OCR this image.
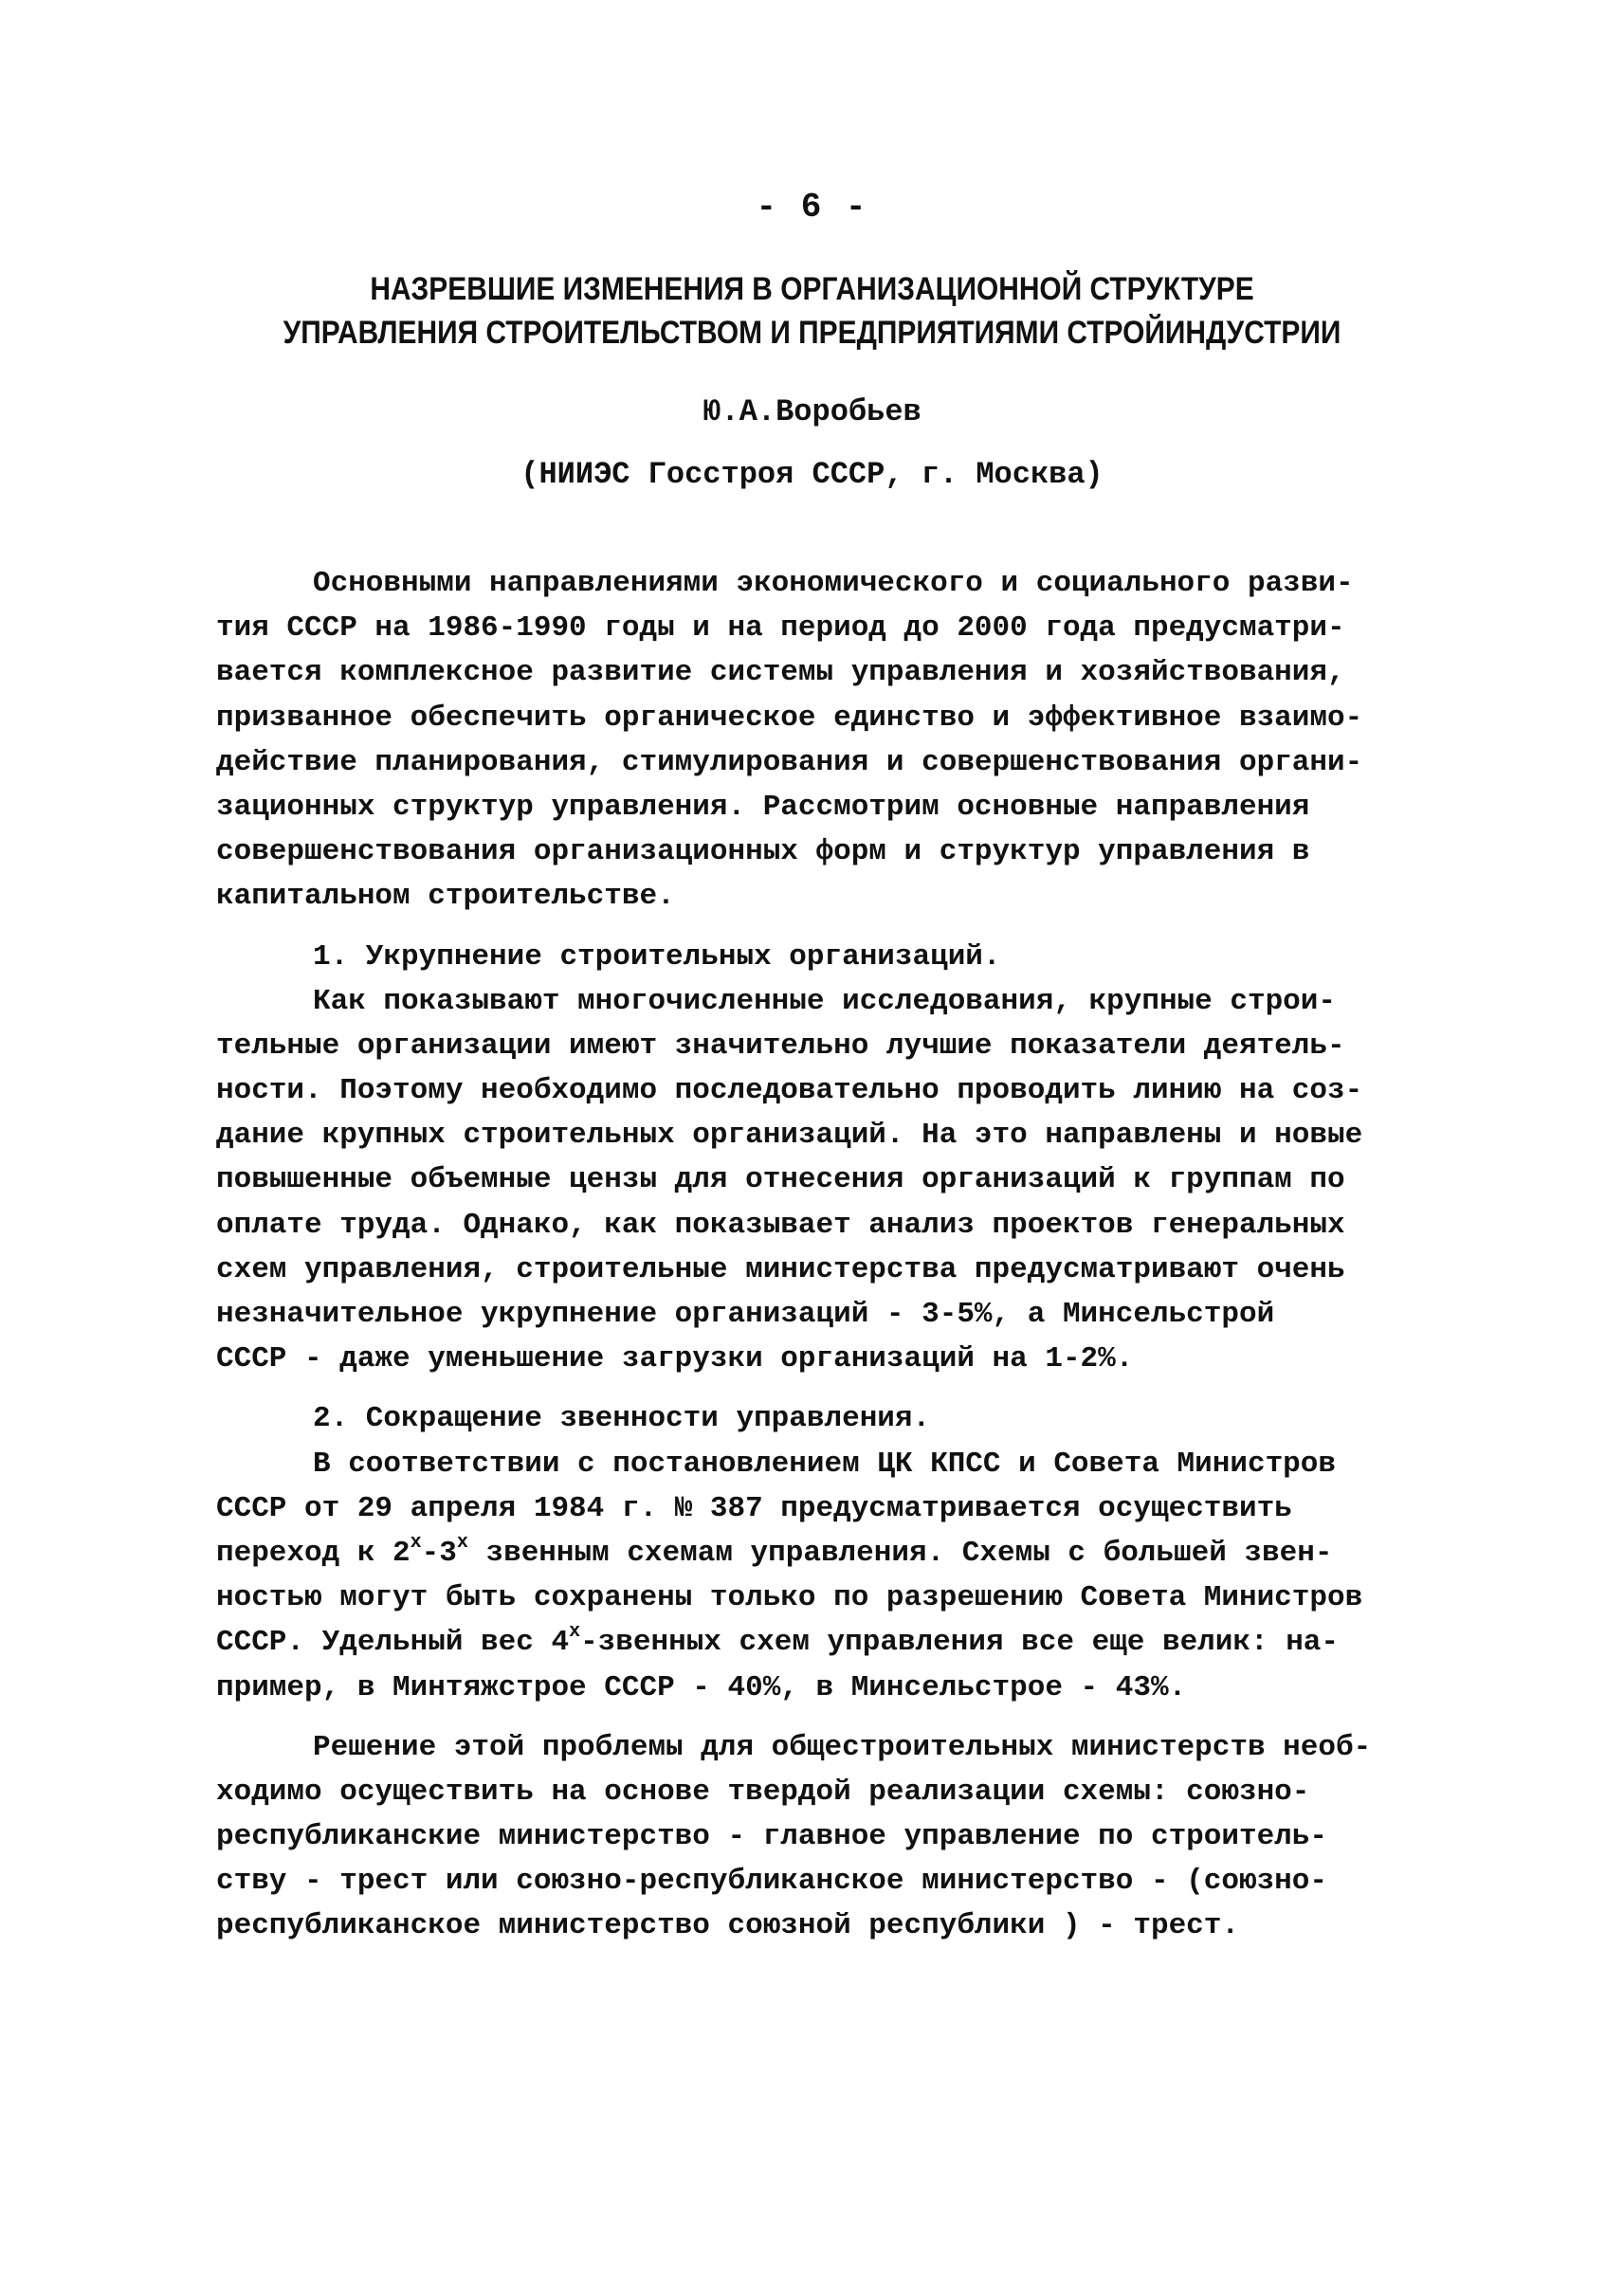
- 6 -
НАЗРЕВШИЕ ИЗМЕНЕНИЯ В ОРГАНИЗАЦИОННОЙ СТРУКТУРЕ
УПРАВЛЕНИЯ СТРОИТЕЛЬСТВОМ И ПРЕДПРИЯТИЯМИ СТРОЙИНДУСТРИИ
Ю.А.Воробьев
(НИИЭС Госстроя СССР, г. Москва)
Основными направлениями экономического и социального разви-
тия СССР на 1986-1990 годы и на период до 2000 года предусматри-
вается комплексное развитие системы управления и хозяйствования,
призванное обеспечить органическое единство и эффективное взаимо-
действие планирования, стимулирования и совершенствования органи-
зационных структур управления. Рассмотрим основные направления
совершенствования организационных форм и структур управления в
капитальном строительстве.
1. Укрупнение строительных организаций.
Как показывают многочисленные исследования, крупные строи-
тельные организации имеют значительно лучшие показатели деятель-
ности. Поэтому необходимо последовательно проводить линию на соз-
дание крупных строительных организаций. На это направлены и новые
повышенные объемные цензы для отнесения организаций к группам по
оплате труда. Однако, как показывает анализ проектов генеральных
схем управления, строительные министерства предусматривают очень
незначительное укрупнение организаций - 3-5%, а Минсельстрой
СССР - даже уменьшение загрузки организаций на 1-2%.
2. Сокращение звенности управления.
В соответствии с постановлением ЦК КПСС и Совета Министров
СССР от 29 апреля 1984 г. № 387 предусматривается осуществить
переход к $2^х-3^х$ звенным схемам управления. Схемы с большей звен-
ностью могут быть сохранены только по разрешению Совета Министров
СССР. Удельный вес $4^х$-звенных схем управления все еще велик: на-
пример, в Минтяжстрое СССР - 40%, в Минсельстрое - 43%.
Решение этой проблемы для общестроительных министерств необ-
ходимо осуществить на основе твердой реализации схемы: союзно-
республиканские министерство - главное управление по строитель-
ству - трест или союзно-республиканское министерство - (союзно-
республиканское министерство союзной республики ) - трест.
